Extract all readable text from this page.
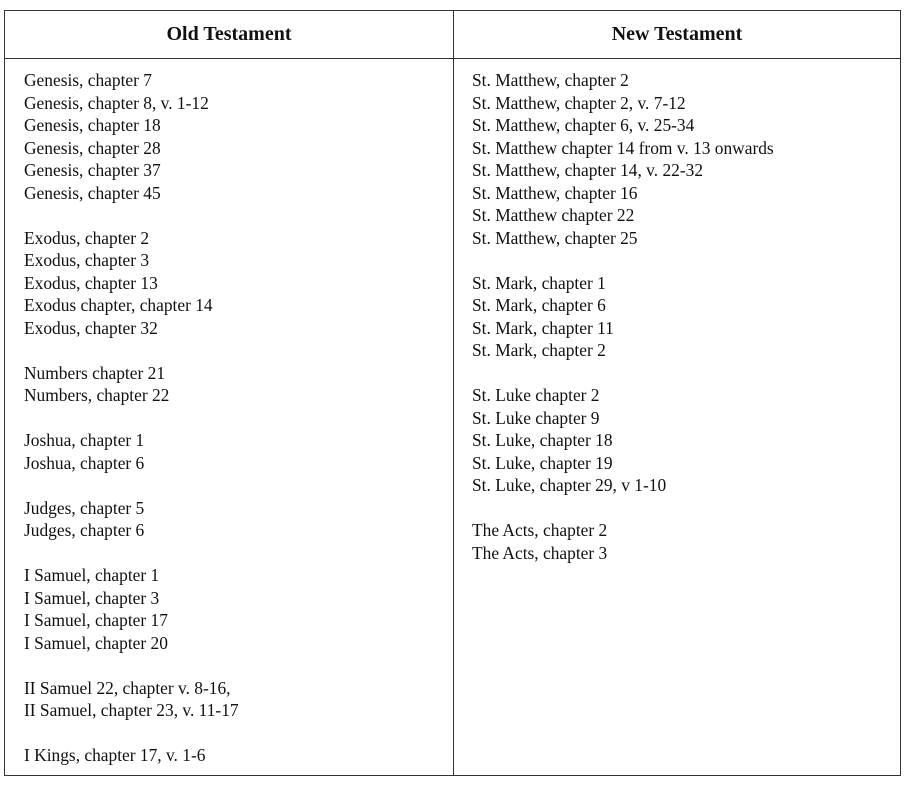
Old Testament	New Testament
Genesis, chapter 7
Genesis, chapter 8, v. 1-12
Genesis, chapter 18
Genesis, chapter 28
Genesis, chapter 37
Genesis, chapter 45
Exodus, chapter 2
Exodus, chapter 3
Exodus, chapter 13
Exodus chapter, chapter 14
Exodus, chapter 32
Numbers chapter 21
Numbers, chapter 22
Joshua, chapter 1
Joshua, chapter 6
Judges, chapter 5
Judges, chapter 6
I Samuel, chapter 1
I Samuel, chapter 3
I Samuel, chapter 17
I Samuel, chapter 20
II Samuel 22, chapter v. 8-16,
II Samuel, chapter 23, v. 11-17
I Kings, chapter 17, v. 1-6
St. Matthew, chapter 2
St. Matthew, chapter 2, v. 7-12
St. Matthew, chapter 6, v. 25-34
St. Matthew chapter 14 from v. 13 onwards
St. Matthew, chapter 14, v. 22-32
St. Matthew, chapter 16
St. Matthew chapter 22
St. Matthew, chapter 25
St. Mark, chapter 1
St. Mark, chapter 6
St. Mark, chapter 11
St. Mark, chapter 2
St. Luke chapter 2
St. Luke chapter 9
St. Luke, chapter 18
St. Luke, chapter 19
St. Luke, chapter 29, v 1-10
The Acts, chapter 2
The Acts, chapter 3
